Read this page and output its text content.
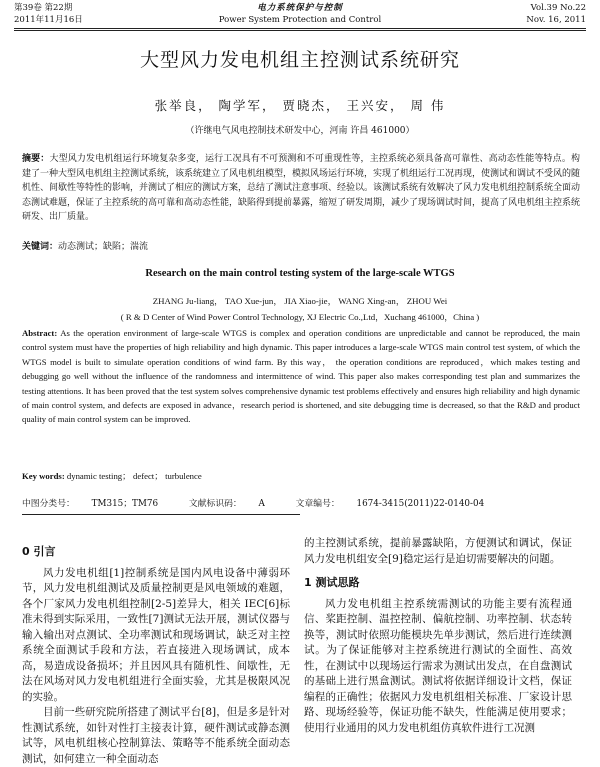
第39卷 第22期
2011年11月16日
电力系统保护与控制
Power System Protection and Control
Vol.39 No.22
Nov. 16, 2011
大型风力发电机组主控测试系统研究
张举良， 陶学军， 贾晓杰， 王兴安， 周 伟
（许继电气风电控制技术研发中心，河南 许昌 461000）
摘要：大型风力发电机组运行环境复杂多变，运行工况具有不可预测和不可重现性等，主控系统必须具备高可靠性、高动态性能等特点。构建了一种大型风电机组主控测试系统，该系统建立了风电机组模型，模拟风场运行环境，实现了机组运行工况再现，使测试和调试不受风的随机性、间歇性等特性的影响，并测试了相应的测试方案，总结了测试注意事项、经验以。该测试系统有效解决了风力发电机组控制系统全面动态测试难题，保证了主控系统的高可靠和高动态性能，缺陷得到提前暴露，缩短了研发周期，减少了现场调试时间，提高了风电机组主控系统研发、出厂质量。
关键词：动态测试；缺陷；湍流
Research on the main control testing system of the large-scale WTGS
ZHANG Ju-liang， TAO Xue-jun， JIA Xiao-jie， WANG Xing-an， ZHOU Wei
( R & D Center of Wind Power Control Technology, XJ Electric Co.,Ltd，Xuchang 461000，China )
Abstract: As the operation environment of large-scale WTGS is complex and operation conditions are unpredictable and cannot be reproduced, the main control system must have the properties of high reliability and high dynamic. This paper introduces a large-scale WTGS main control test system, of which the WTGS model is built to simulate operation conditions of wind farm. By this way， the operation conditions are reproduced，which makes testing and debugging go well without the influence of the randomness and intermittence of wind. This paper also makes corresponding test plan and summarizes the testing attentions. It has been proved that the test system solves comprehensive dynamic test problems effectively and ensures high reliability and high dynamic of main control system, and defects are exposed in advance，research period is shortened, and site debugging time is decreased, so that the R&D and product quality of main control system can be improved.
Key words: dynamic testing； defect； turbulence
中图分类号： TM315；TM76	文献标识码： A	文章编号： 1674-3415(2011)22-0140-04
0 引言

风力发电机组[1]控制系统是国内风电设备中薄弱环节，风力发电机组测试及质量控制更是风电领域的难题，各个厂家风力发电机组控制[2-5]差异大，相关 IEC[6]标准未得到实际采用，一致性[7]测试无法开展，测试仪器与输入输出对点测试、全功率测试和现场调试，缺乏对主控系统全面测试手段和方法，若直接进入现场调试，成本高，易造成设备损坏；并且因风具有随机性、间歇性，无法在风场对风力发电机组进行全面实验，尤其是极限风况的实验。

目前一些研究院所搭建了测试平台[8]，但是多是针对性测试系统，如针对性打主接表计算，硬件测试或静态测试等，风电机组核心控制算法、策略等不能系统全面动态测试，如何建立一种全面动态

的主控测试系统，提前暴露缺陷，方便测试和调试，保证风力发电机组安全[9]稳定运行是迫切需要解决的问题。

1 测试思路

风力发电机组主控系统需测试的功能主要有流程通信、桨距控制、温控控制、偏航控制、功率控制、状态转换等，测试时依照功能模块先单步测试，然后进行连续测试。为了保证能够对主控系统进行测试的全面性、高效性，在测试中以现场运行需求为测试出发点，在自盘测试的基础上进行黑盒测试。测试将依据详细设计文档，保证编程的正确性；依据风力发电机组相关标准、厂家设计思路、现场经验等，保证功能不缺失，性能满足使用要求；使用行业通用的风力发电机组仿真软件进行工况测
